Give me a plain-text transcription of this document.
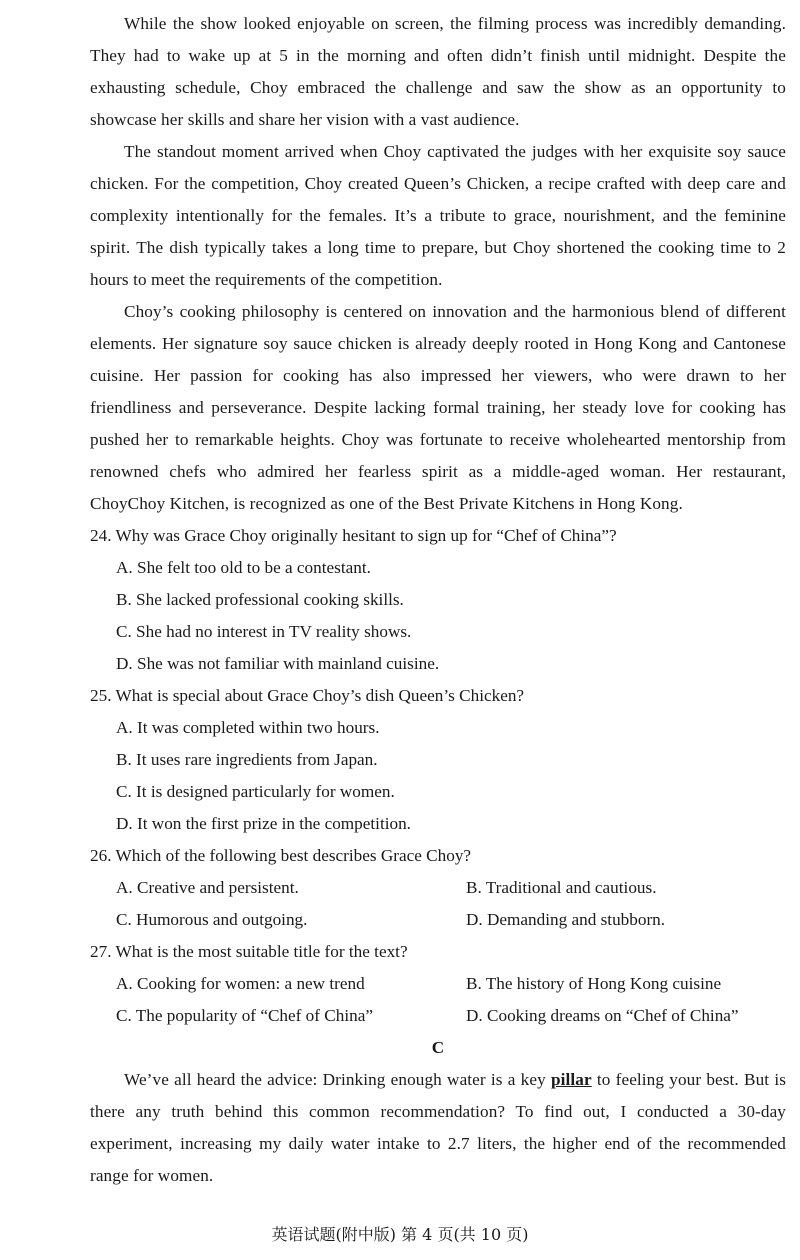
While the show looked enjoyable on screen, the filming process was incredibly demanding. They had to wake up at 5 in the morning and often didn’t finish until midnight. Despite the exhausting schedule, Choy embraced the challenge and saw the show as an opportunity to showcase her skills and share her vision with a vast audience.

The standout moment arrived when Choy captivated the judges with her exquisite soy sauce chicken. For the competition, Choy created Queen’s Chicken, a recipe crafted with deep care and complexity intentionally for the females. It’s a tribute to grace, nourishment, and the feminine spirit. The dish typically takes a long time to prepare, but Choy shortened the cooking time to 2 hours to meet the requirements of the competition.

Choy’s cooking philosophy is centered on innovation and the harmonious blend of different elements. Her signature soy sauce chicken is already deeply rooted in Hong Kong and Cantonese cuisine. Her passion for cooking has also impressed her viewers, who were drawn to her friendliness and perseverance. Despite lacking formal training, her steady love for cooking has pushed her to remarkable heights. Choy was fortunate to receive wholehearted mentorship from renowned chefs who admired her fearless spirit as a middle-aged woman. Her restaurant, ChoyChoy Kitchen, is recognized as one of the Best Private Kitchens in Hong Kong.

24. Why was Grace Choy originally hesitant to sign up for “Chef of China”?
A. She felt too old to be a contestant.
B. She lacked professional cooking skills.
C. She had no interest in TV reality shows.
D. She was not familiar with mainland cuisine.
25. What is special about Grace Choy’s dish Queen’s Chicken?
A. It was completed within two hours.
B. It uses rare ingredients from Japan.
C. It is designed particularly for women.
D. It won the first prize in the competition.
26. Which of the following best describes Grace Choy?
A. Creative and persistent.	B. Traditional and cautious.
C. Humorous and outgoing.	D. Demanding and stubborn.
27. What is the most suitable title for the text?
A. Cooking for women: a new trend	B. The history of Hong Kong cuisine
C. The popularity of “Chef of China”	D. Cooking dreams on “Chef of China”
C

We’ve all heard the advice: Drinking enough water is a key pillar to feeling your best. But is there any truth behind this common recommendation? To find out, I conducted a 30-day experiment, increasing my daily water intake to 2.7 liters, the higher end of the recommended range for women.

英语试题(附中版) 第 4 页(共 10 页)
